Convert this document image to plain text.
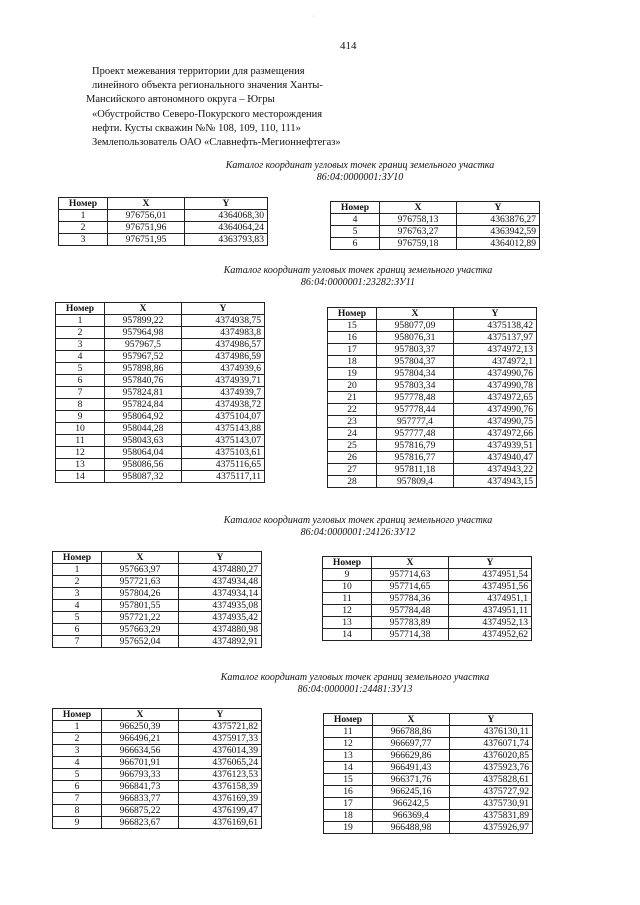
·
414
Проект межевания территории для размещения
линейного объекта регионального значения Ханты-
Мансийского автономного округа – Югры
«Обустройство Северо-Покурского месторождения
нефти. Кусты скважин №№ 108, 109, 110, 111»
Землепользователь ОАО «Славнефть-Мегионнефтегаз»
Каталог координат угловых точек границ земельного участка
86:04:0000001:ЗУ10
Номер	X	Y
1	976756,01	4364068,30
2	976751,96	4364064,24
3	976751,95	4363793,83
Номер	X	Y
4	976758,13	4363876,27
5	976763,27	4363942,59
6	976759,18	4364012,89
Каталог координат угловых точек границ земельного участка
86:04:0000001:23282:ЗУ11
Номер	X	Y
1	957899,22	4374938,75
2	957964,98	4374983,8
3	957967,5	4374986,57
4	957967,52	4374986,59
5	957898,86	4374939,6
6	957840,76	4374939,71
7	957824,81	4374939,7
8	957824,84	4374938,72
9	958064,92	4375104,07
10	958044,28	4375143,88
11	958043,63	4375143,07
12	958064,04	4375103,61
13	958086,56	4375116,65
14	958087,32	4375117,11
Номер	X	Y
15	958077,09	4375138,42
16	958076,31	4375137,97
17	957803,37	4374972,13
18	957804,37	4374972,1
19	957804,34	4374990,76
20	957803,34	4374990,78
21	957778,48	4374972,65
22	957778,44	4374990,76
23	957777,4	4374990,75
24	957777,48	4374972,66
25	957816,79	4374939,51
26	957816,77	4374940,47
27	957811,18	4374943,22
28	957809,4	4374943,15
Каталог координат угловых точек границ земельного участка
86:04:0000001:24126:ЗУ12
Номер	X	Y
1	957663,97	4374880,27
2	957721,63	4374934,48
3	957804,26	4374934,14
4	957801,55	4374935,08
5	957721,22	4374935,42
6	957663,29	4374880,98
7	957652,04	4374892,91
Номер	X	Y
9	957714,63	4374951,54
10	957714,65	4374951,56
11	957784,36	4374951,1
12	957784,48	4374951,11
13	957783,89	4374952,13
14	957714,38	4374952,62
Каталог координат угловых точек границ земельного участка
86:04:0000001:24481:ЗУ13
Номер	X	Y
1	966250,39	4375721,82
2	966496,21	4375917,33
3	966634,56	4376014,39
4	966701,91	4376065,24
5	966793,33	4376123,53
6	966841,73	4376158,39
7	966833,77	4376169,39
8	966875,22	4376199,47
9	966823,67	4376169,61
Номер	X	Y
11	966788,86	4376130,11
12	966697,77	4376071,74
13	966629,86	4376020,85
14	966491,43	4375923,76
15	966371,76	4375828,61
16	966245,16	4375727,92
17	966242,5	4375730,91
18	966369,4	4375831,89
19	966488,98	4375926,97
